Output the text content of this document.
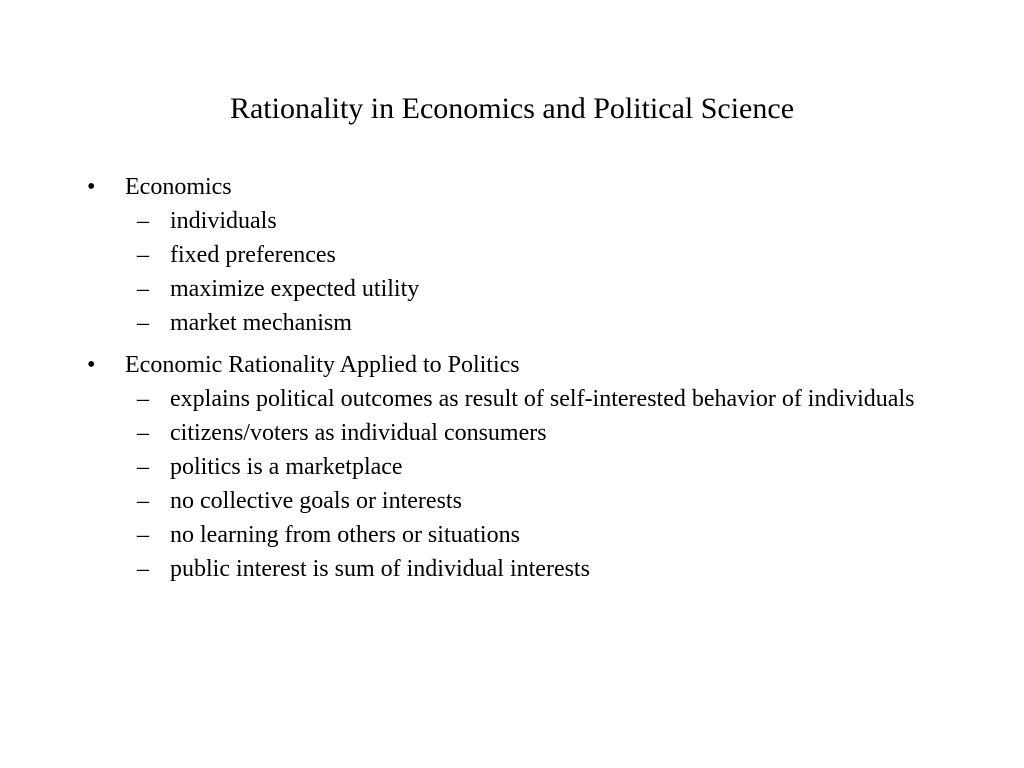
Rationality in Economics and Political Science
• Economics
– individuals
– fixed preferences
– maximize expected utility
– market mechanism
• Economic Rationality Applied to Politics
– explains political outcomes as result of self-interested behavior of individuals
– citizens/voters as individual consumers
– politics is a marketplace
– no collective goals or interests
– no learning from others or situations
– public interest is sum of individual interests
